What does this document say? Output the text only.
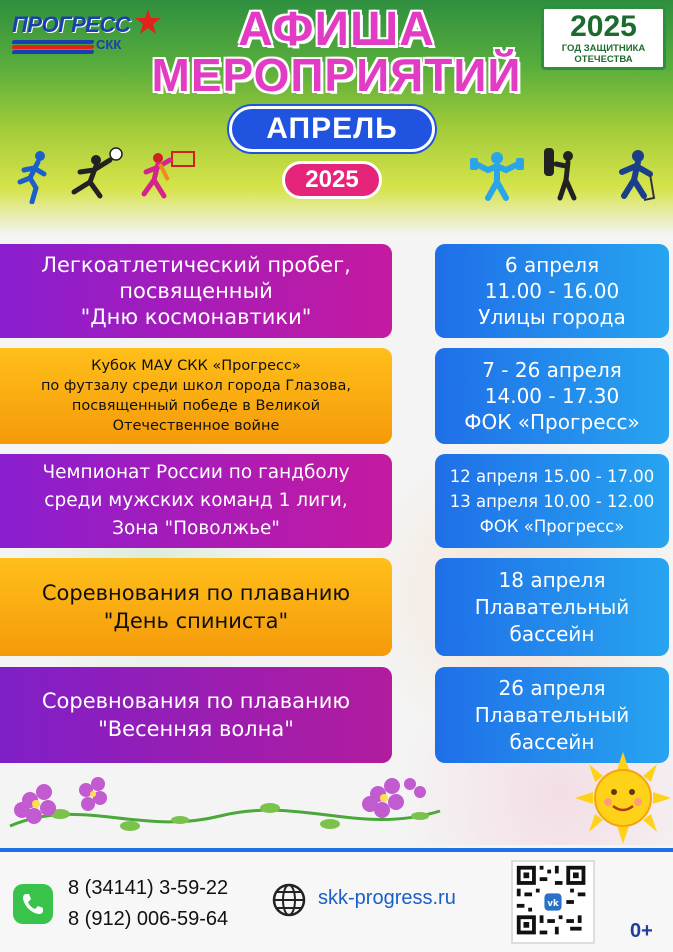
ПРОГРЕСС
СКК	АФИША
МЕРОПРИЯТИЙ
2025
ГОД ЗАЩИТНИКА
ОТЕЧЕСТВА
АПРЕЛЬ
2025
Легкоатлетический пробег,
посвященный
"Дню космонавтики"
6 апреля
11.00 - 16.00
Улицы города
Кубок МАУ СКК «Прогресс»
по футзалу среди школ города Глазова,
посвященный победе в Великой
Отечественное войне
7 - 26 апреля
14.00 - 17.30
ФОК «Прогресс»
Чемпионат России по гандболу
среди мужских команд 1 лиги,
Зона "Поволжье"
12 апреля 15.00 - 17.00
13 апреля 10.00 - 12.00
ФОК «Прогресс»
Соревнования по плаванию
"День спиниста"
18 апреля
Плавательный
бассейн
Соревнования по плаванию
"Весенняя волна"
26 апреля
Плавательный
бассейн
8 (34141) 3-59-22
8 (912) 006-59-64
skk-progress.ru	vk
0+
